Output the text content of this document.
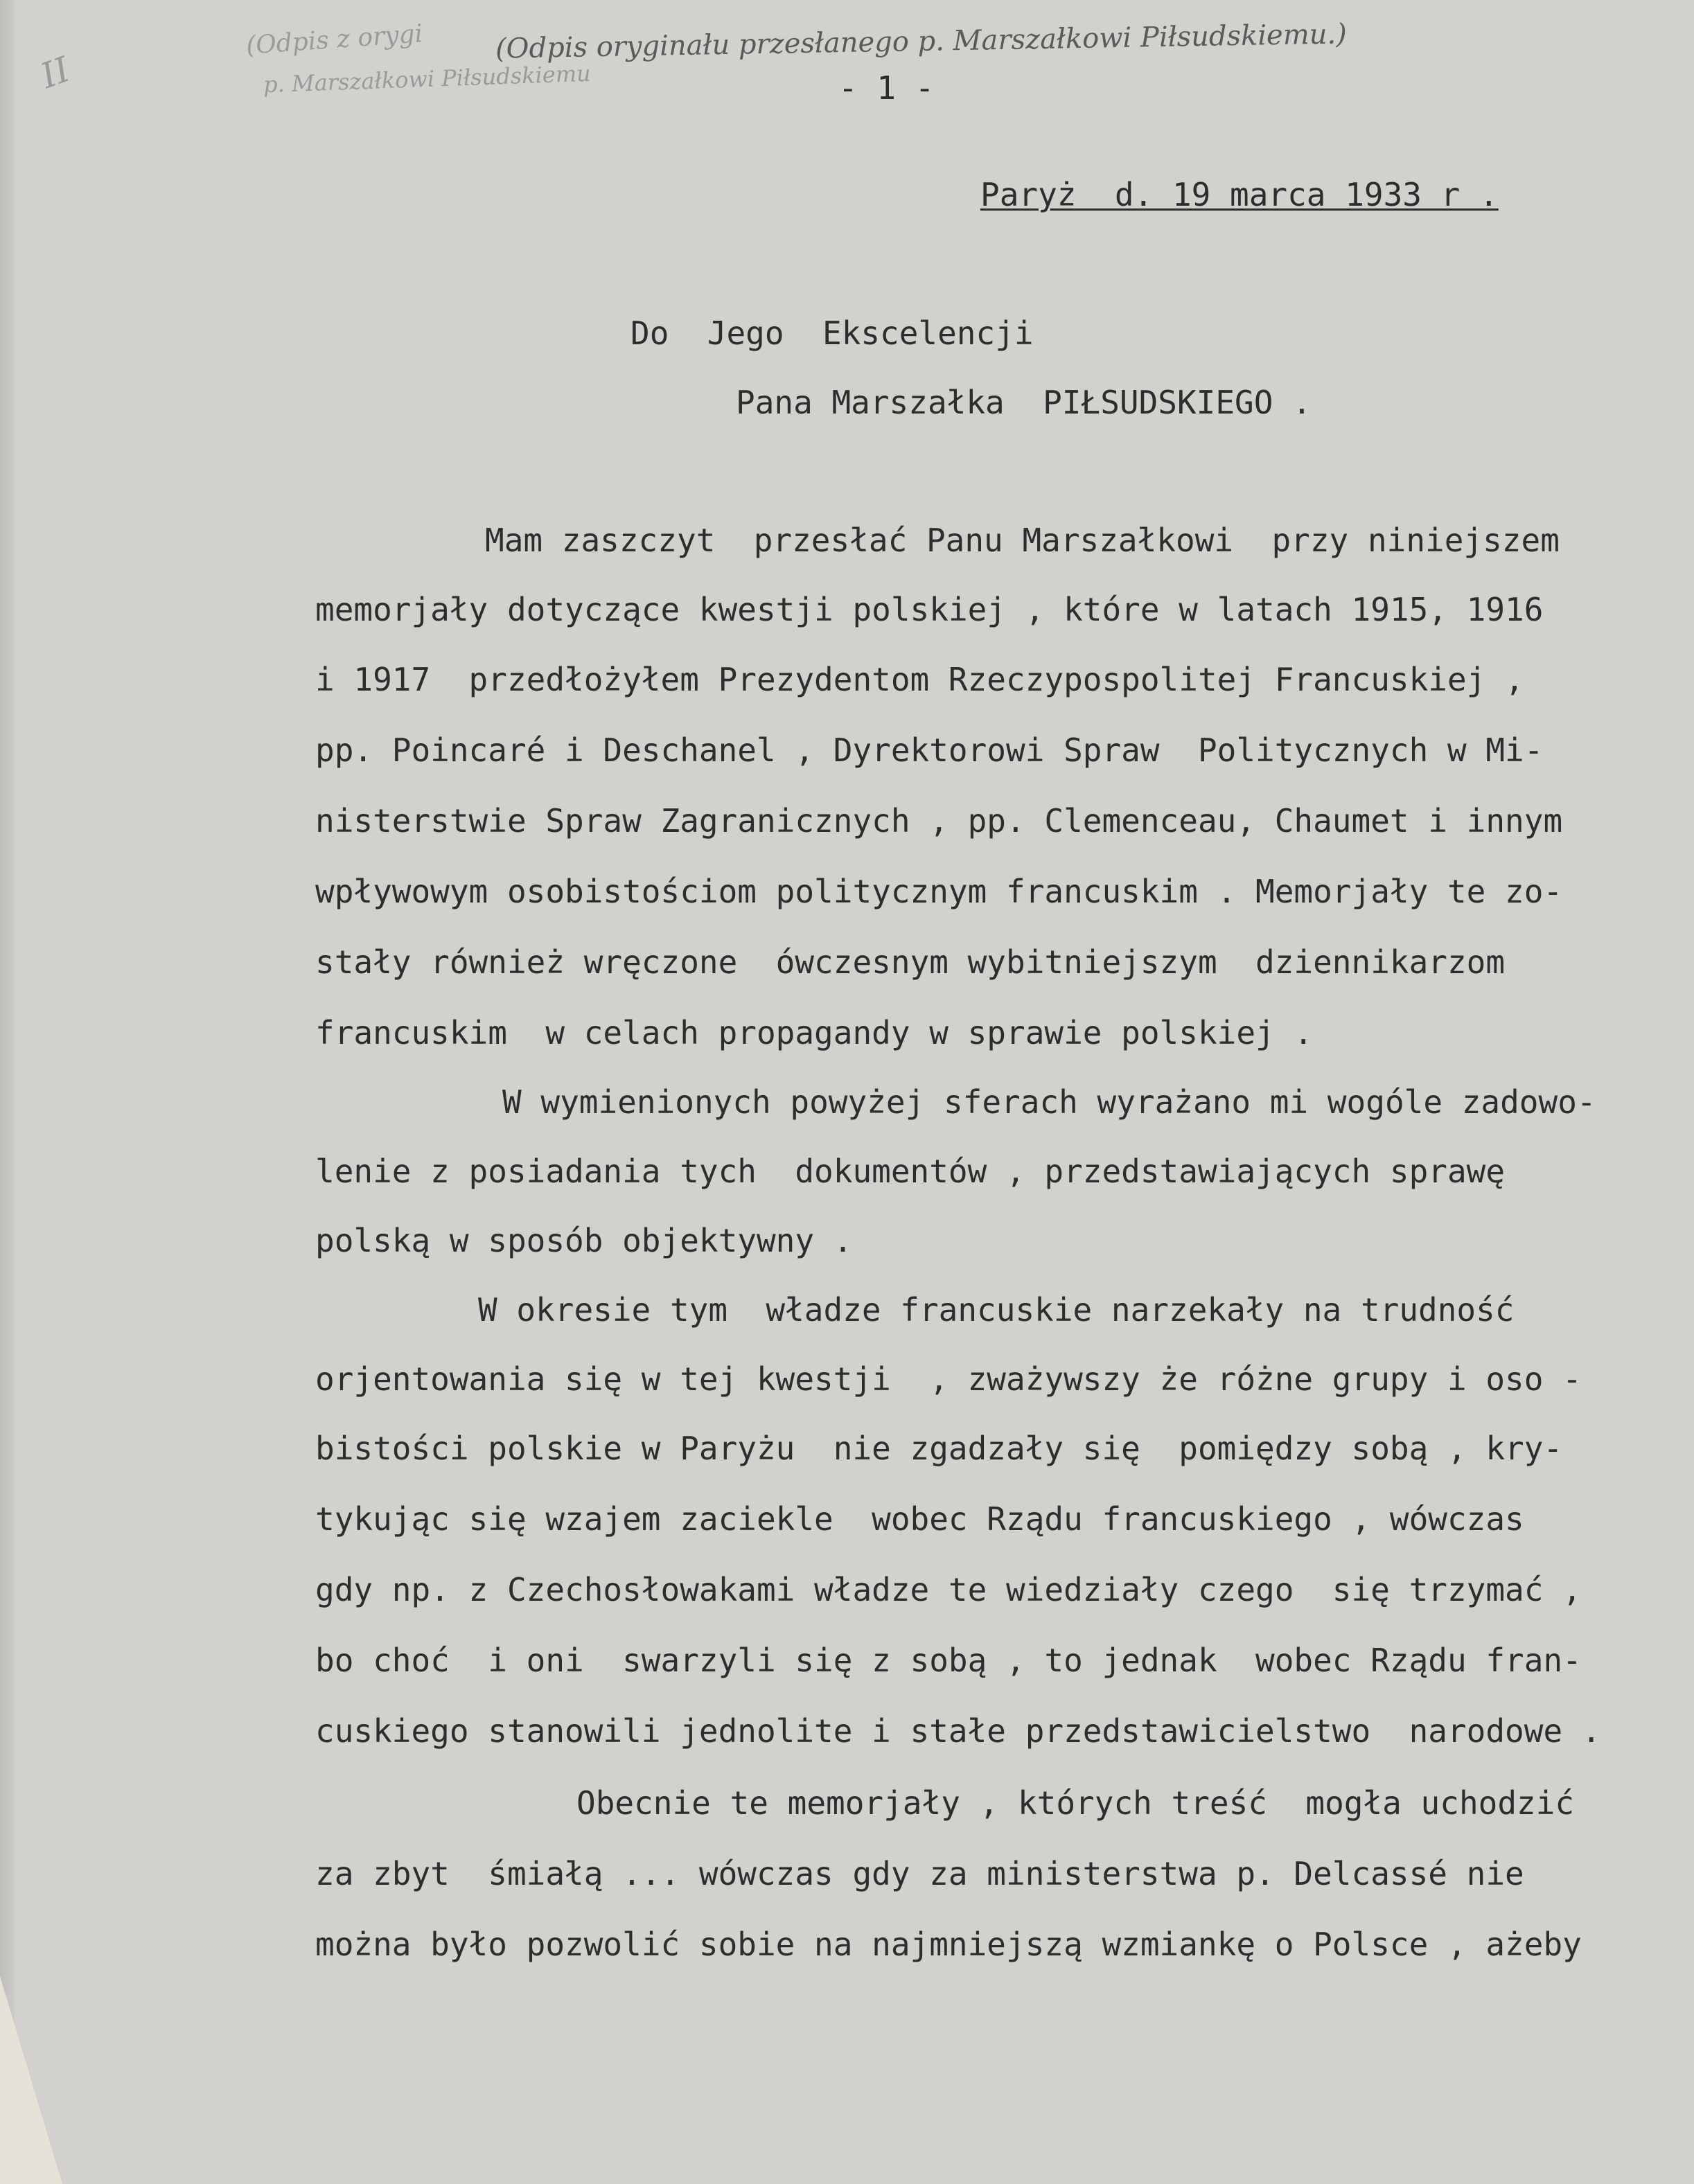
II
(Odpis z orygi
p. Marszałkowi Piłsudskiemu
(Odpis oryginału przesłanego p. Marszałkowi Piłsudskiemu.)
- 1 -
Paryż  d. 19 marca 1933 r .
Do  Jego  Ekscelencji
Pana Marszałka  PIŁSUDSKIEGO .
Mam zaszczyt  przesłać Panu Marszałkowi  przy niniejszem
memorjały dotyczące kwestji polskiej , które w latach 1915, 1916
i 1917  przedłożyłem Prezydentom Rzeczypospolitej Francuskiej ,
pp. Poincaré i Deschanel , Dyrektorowi Spraw  Politycznych w Mi-
nisterstwie Spraw Zagranicznych , pp. Clemenceau, Chaumet i innym
wpływowym osobistościom politycznym francuskim . Memorjały te zo-
stały również wręczone  ówczesnym wybitniejszym  dziennikarzom
francuskim  w celach propagandy w sprawie polskiej .
W wymienionych powyżej sferach wyrażano mi wogóle zadowo-
lenie z posiadania tych  dokumentów , przedstawiających sprawę
polską w sposób objektywny .
W okresie tym  władze francuskie narzekały na trudność
orjentowania się w tej kwestji  , zważywszy że różne grupy i oso -
bistości polskie w Paryżu  nie zgadzały się  pomiędzy sobą , kry-
tykując się wzajem zaciekle  wobec Rządu francuskiego , wówczas
gdy np. z Czechosłowakami władze te wiedziały czego  się trzymać ,
bo choć  i oni  swarzyli się z sobą , to jednak  wobec Rządu fran-
cuskiego stanowili jednolite i stałe przedstawicielstwo  narodowe .
Obecnie te memorjały , których treść  mogła uchodzić
za zbyt  śmiałą ... wówczas gdy za ministerstwa p. Delcassé nie
można było pozwolić sobie na najmniejszą wzmiankę o Polsce , ażeby
